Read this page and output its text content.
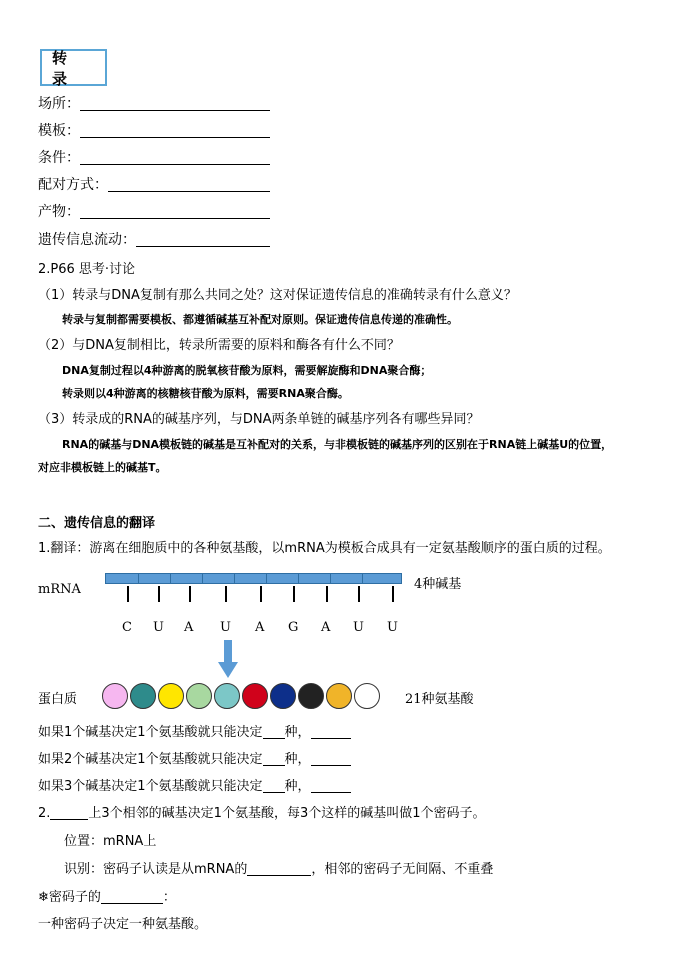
转 录
场所：
模板：
条件：
配对方式：
产物：
遗传信息流动：
2.P66 思考·讨论
（1）转录与DNA复制有那么共同之处？这对保证遗传信息的准确转录有什么意义？
转录与复制都需要模板、都遵循碱基互补配对原则。保证遗传信息传递的准确性。
（2）与DNA复制相比，转录所需要的原料和酶各有什么不同？
DNA复制过程以4种游离的脱氧核苷酸为原料，需要解旋酶和DNA聚合酶；
转录则以4种游离的核糖核苷酸为原料，需要RNA聚合酶。
（3）转录成的RNA的碱基序列，与DNA两条单链的碱基序列各有哪些异同？
RNA的碱基与DNA模板链的碱基是互补配对的关系，与非模板链的碱基序列的区别在于RNA链上碱基U的位置，
对应非模板链上的碱基T。
二、遗传信息的翻译
1.翻译：游离在细胞质中的各种氨基酸，以mRNA为模板合成具有一定氨基酸顺序的蛋白质的过程。
mRNA	4种碱基
C U A U A G A U U
蛋白质	21种氨基酸
如果1个碱基决定1个氨基酸就只能决定 种，
如果2个碱基决定1个氨基酸就只能决定 种，
如果3个碱基决定1个氨基酸就只能决定 种，
2.	上3个相邻的碱基决定1个氨基酸，每3个这样的碱基叫做1个密码子。
位置：mRNA上
识别：密码子认读是从mRNA的	，相邻的密码子无间隔、不重叠
❄密码子的	：
一种密码子决定一种氨基酸。
